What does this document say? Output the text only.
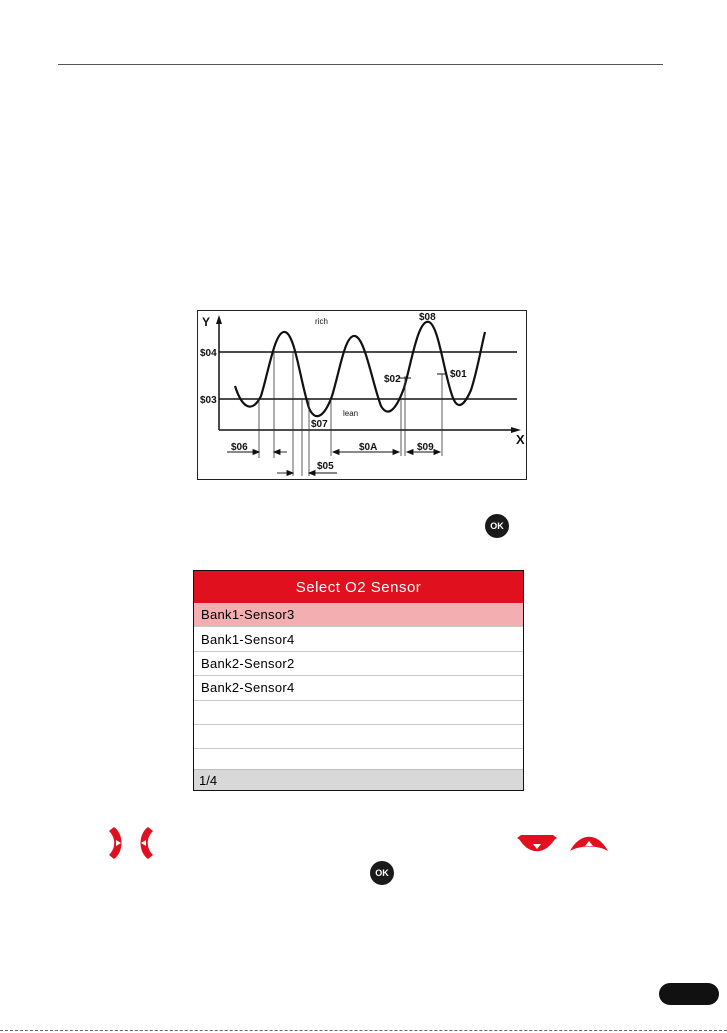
Y
X
$04
$03
$08
$02	$01
$07
$06
$05
$0A	$09
rich
lean
OK
Select O2 Sensor
Bank1-Sensor3
Bank1-Sensor4
Bank2-Sensor2
Bank2-Sensor4
1/4
OK
